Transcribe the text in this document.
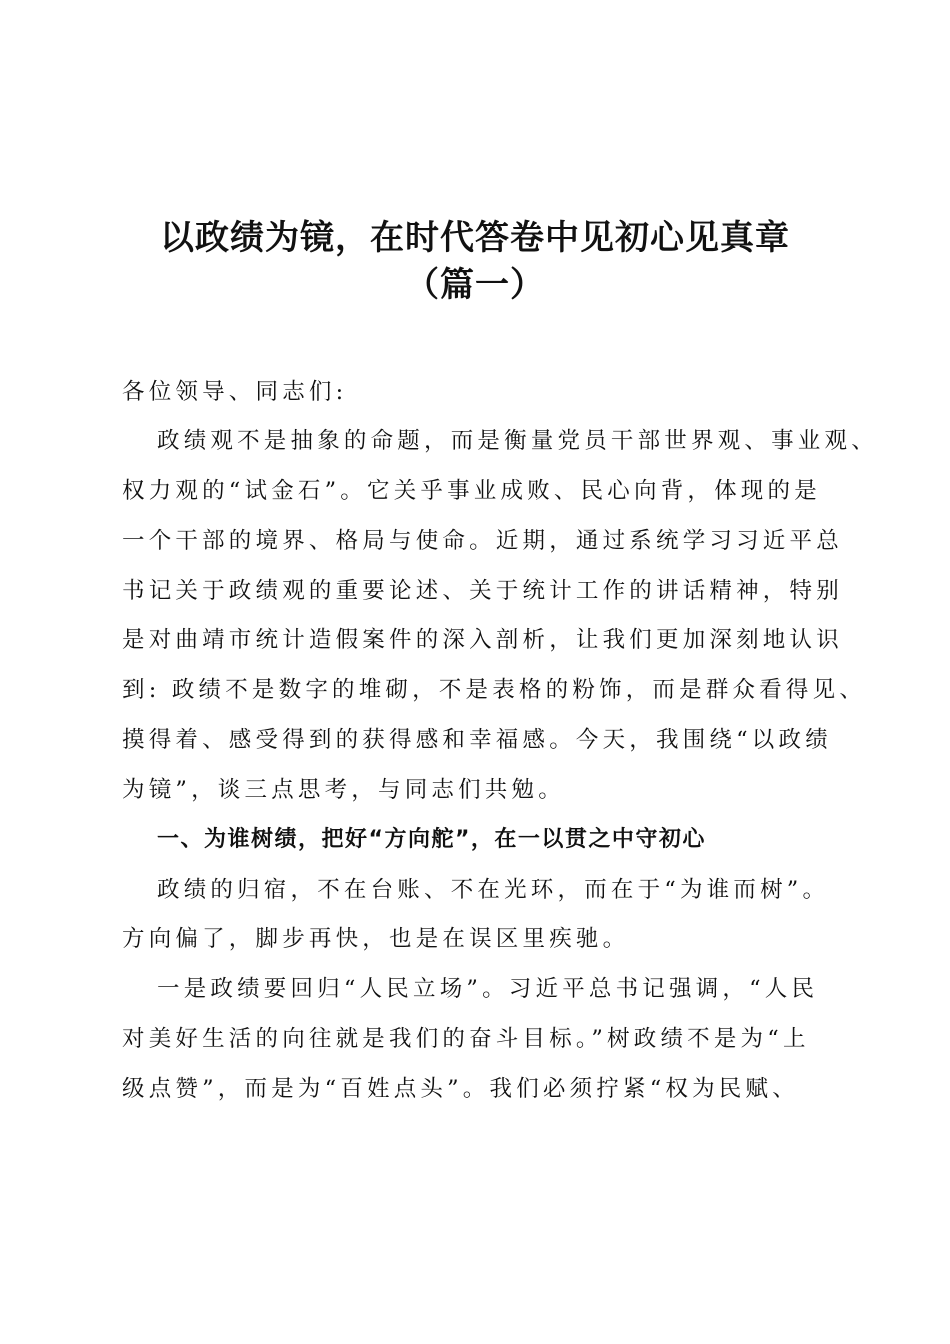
以政绩为镜，在时代答卷中见初心见真章
（篇一）
各位领导、同志们:
政绩观不是抽象的命题，而是衡量党员干部世界观、事业观、
权力观的“试金石”。它关乎事业成败、民心向背，体现的是
一个干部的境界、格局与使命。近期，通过系统学习习近平总
书记关于政绩观的重要论述、关于统计工作的讲话精神，特别
是对曲靖市统计造假案件的深入剖析，让我们更加深刻地认识
到: 政绩不是数字的堆砌，不是表格的粉饰，而是群众看得见、
摸得着、感受得到的获得感和幸福感。今天，我围绕“以政绩
为镜”，谈三点思考，与同志们共勉。
一、为谁树绩，把好“方向舵”，在一以贯之中守初心
政绩的归宿，不在台账、不在光环，而在于“为谁而树”。
方向偏了，脚步再快，也是在误区里疾驰。
一是政绩要回归“人民立场”。习近平总书记强调，“人民
对美好生活的向往就是我们的奋斗目标。”树政绩不是为“上
级点赞”，而是为“百姓点头”。我们必须拧紧“权为民赋、
